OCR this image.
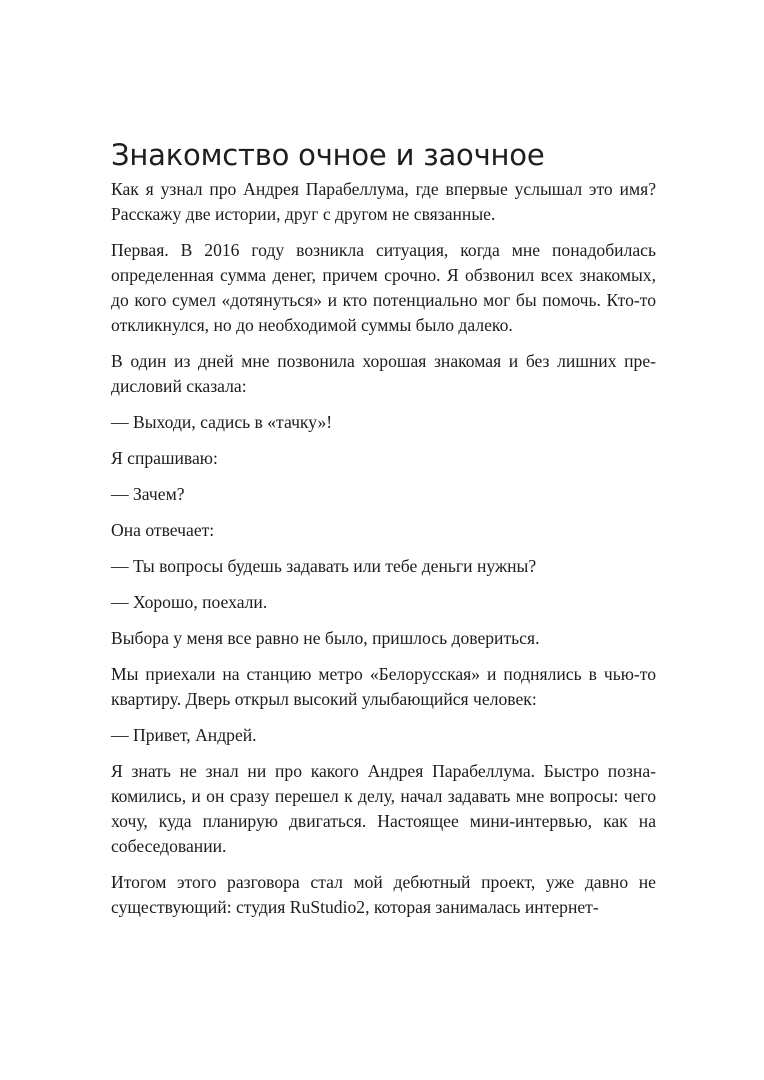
Знакомство очное и заочное

Как я узнал про Андрея Парабеллума, где впервые услышал это имя? Расскажу две истории, друг с другом не связанные.

Первая. В 2016 году возникла ситуация, когда мне понадобилась определенная сумма денег, причем срочно. Я обзвонил всех знакомых, до кого сумел «дотянуться» и кто потенциально мог бы помочь. Кто-то откликнулся, но до необходимой суммы было далеко.

В один из дней мне позвонила хорошая знакомая и без лишних предисловий сказала:

— Выходи, садись в «тачку»!

Я спрашиваю:

— Зачем?

Она отвечает:

— Ты вопросы будешь задавать или тебе деньги нужны?

— Хорошо, поехали.

Выбора у меня все равно не было, пришлось довериться.

Мы приехали на станцию метро «Белорусская» и поднялись в чью-то квартиру. Дверь открыл высокий улыбающийся человек:

— Привет, Андрей.

Я знать не знал ни про какого Андрея Парабеллума. Быстро познакомились, и он сразу перешел к делу, начал задавать мне вопросы: чего хочу, куда планирую двигаться. Настоящее мини-интервью, как на собеседовании.

Итогом этого разговора стал мой дебютный проект, уже давно не существующий: студия RuStudio2, которая занималась интернет-
